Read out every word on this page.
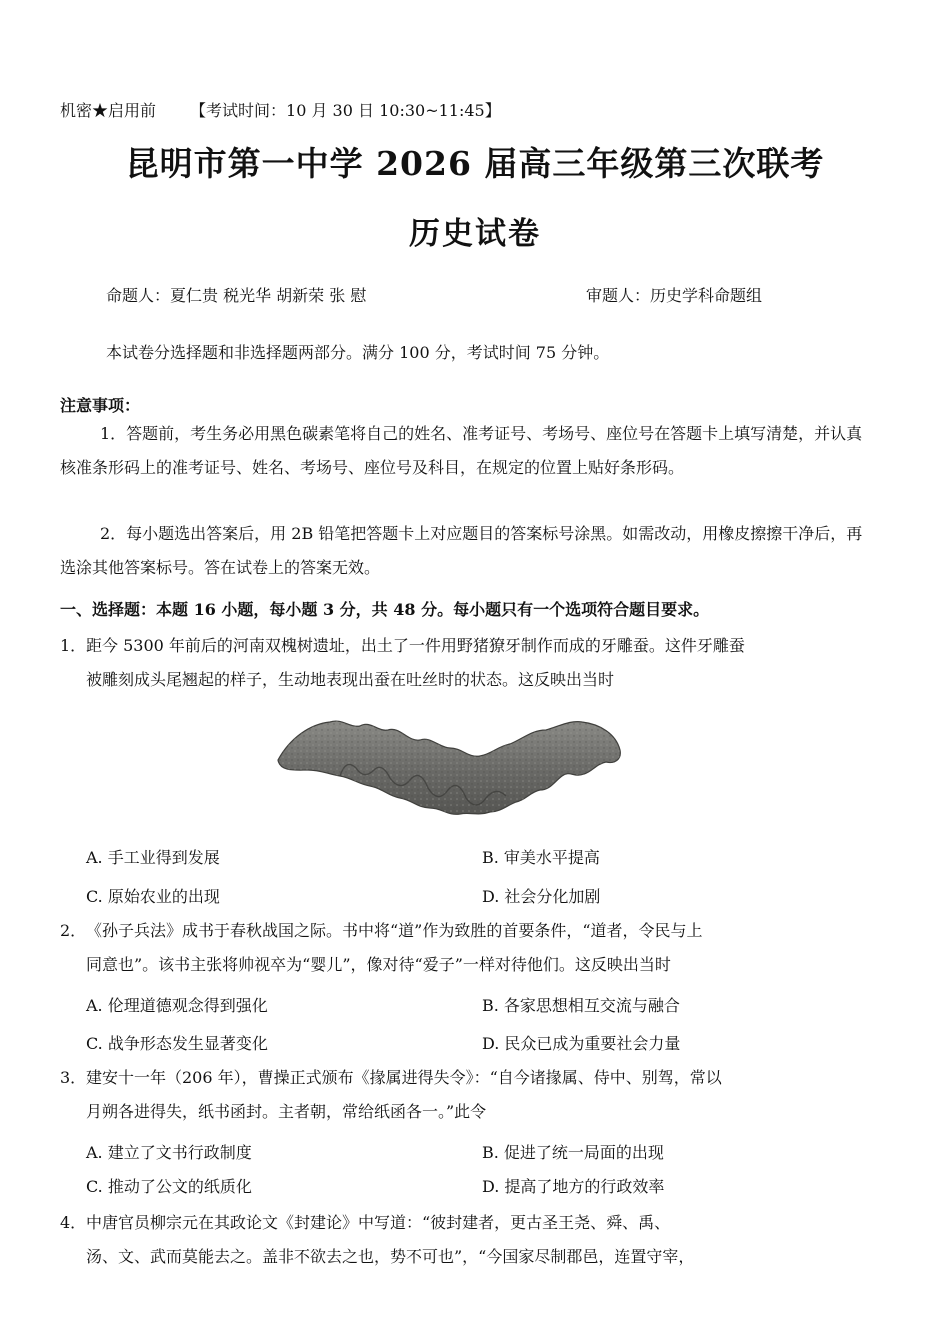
机密★启用前 【考试时间：10 月 30 日 10:30~11:45】
昆明市第一中学 2026 届高三年级第三次联考
历史试卷
命题人：夏仁贵 税光华 胡新荣 张 慰	审题人：历史学科命题组
本试卷分选择题和非选择题两部分。满分 100 分，考试时间 75 分钟。
注意事项：
1．答题前，考生务必用黑色碳素笔将自己的姓名、准考证号、考场号、座位号在答题卡上填写清楚，并认真核准条形码上的准考证号、姓名、考场号、座位号及科目，在规定的位置上贴好条形码。
2．每小题选出答案后，用 2B 铅笔把答题卡上对应题目的答案标号涂黑。如需改动，用橡皮擦擦干净后，再选涂其他答案标号。答在试卷上的答案无效。
一、选择题：本题 16 小题，每小题 3 分，共 48 分。每小题只有一个选项符合题目要求。
1．距今 5300 年前后的河南双槐树遗址，出土了一件用野猪獠牙制作而成的牙雕蚕。这件牙雕蚕
被雕刻成头尾翘起的样子，生动地表现出蚕在吐丝时的状态。这反映出当时
A. 手工业得到发展	B. 审美水平提高
C. 原始农业的出现	D. 社会分化加剧
2．《孙子兵法》成书于春秋战国之际。书中将“道”作为致胜的首要条件，“道者，令民与上
同意也”。该书主张将帅视卒为“婴儿”，像对待“爱子”一样对待他们。这反映出当时
A. 伦理道德观念得到强化	B. 各家思想相互交流与融合
C. 战争形态发生显著变化	D. 民众已成为重要社会力量
3．建安十一年（206 年），曹操正式颁布《掾属进得失令》：“自今诸掾属、侍中、别驾，常以
月朔各进得失，纸书函封。主者朝，常给纸函各一。”此令
A. 建立了文书行政制度	B. 促进了统一局面的出现
C. 推动了公文的纸质化	D. 提高了地方的行政效率
4．中唐官员柳宗元在其政论文《封建论》中写道：“彼封建者，更古圣王尧、舜、禹、
汤、文、武而莫能去之。盖非不欲去之也，势不可也”，“今国家尽制郡邑，连置守宰，
